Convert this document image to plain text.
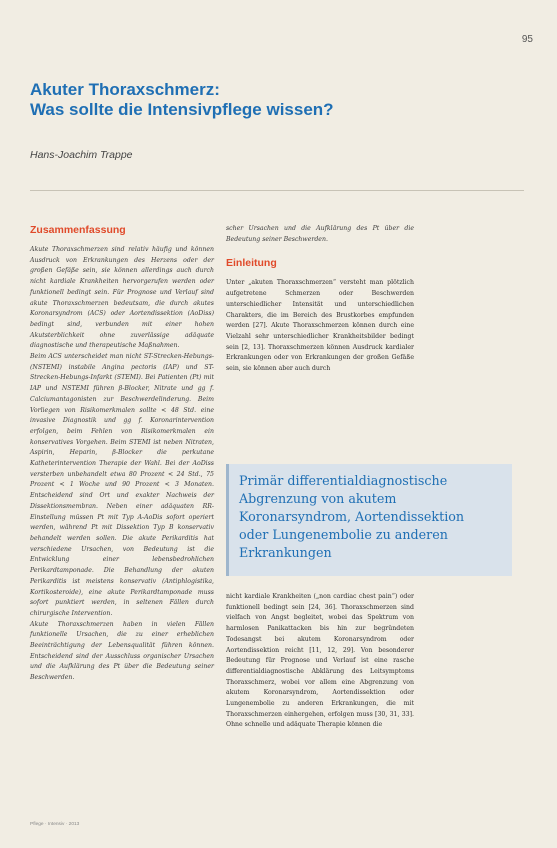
95
Akuter Thoraxschmerz:
Was sollte die Intensivpflege wissen?
Hans-Joachim Trappe
Zusammenfassung

Akute Thoraxschmerzen sind relativ häufig und können Ausdruck von Erkrankungen des Herzens oder der großen Gefäße sein, sie können allerdings auch durch nicht kardiale Krankheiten hervorgerufen werden oder funktionell bedingt sein. Für Prognose und Verlauf sind akute Thoraxschmerzen bedeutsam, die durch akutes Koronarsyndrom (ACS) oder Aortendissektion (AoDiss) bedingt sind, verbunden mit einer hohen Akutsterblichkeit ohne zuverlässige adäquate diagnostische und therapeutische Maßnahmen.

Beim ACS unterscheidet man nicht ST-Strecken-Hebungs-(NSTEMI) instabile Angina pectoris (IAP) und ST-Strecken-Hebungs-Infarkt (STEMI). Bei Patienten (Pt) mit IAP und NSTEMI führen β-Blocker, Nitrate und gg f. Calciumantagonisten zur Beschwerdelinderung. Beim Vorliegen von Risikomerkmalen sollte < 48 Std. eine invasive Diagnostik und gg f. Koronarintervention erfolgen, beim Fehlen von Risikomerkmalen ein konservatives Vorgehen. Beim STEMI ist neben Nitraten, Aspirin, Heparin, β-Blocker die perkutane Katheterintervention Therapie der Wahl. Bei der AoDiss versterben unbehandelt etwa 80 Prozent < 24 Std., 75 Prozent < 1 Woche und 90 Prozent < 3 Monaten. Entscheidend sind Ort und exakter Nachweis der Dissektionsmembran. Neben einer adäquaten RR-Einstellung müssen Pt mit Typ A-AoDis sofort operiert werden, während Pt mit Dissektion Typ B konservativ behandelt werden sollen. Die akute Perikarditis hat verschiedene Ursachen, von Bedeutung ist die Entwicklung einer lebensbedrohlichen Perikardtamponade. Die Behandlung der akuten Perikarditis ist meistens konservativ (Antiphlogistika, Kortikosteroide), eine akute Perikardtamponade muss sofort punktiert werden, in seltenen Fällen durch chirurgische Intervention.

Akute Thoraxschmerzen haben in vielen Fällen funktionelle Ursachen, die zu einer erheblichen Beeinträchtigung der Lebensqualität führen können. Entscheidend sind der Ausschluss organischer Ursachen und die Aufklärung des Pt über die Bedeutung seiner Beschwerden.

scher Ursachen und die Aufklärung des Pt über die Bedeutung seiner Beschwerden.

Einleitung

Unter „akuten Thoraxschmerzen“ versteht man plötzlich aufgetretene Schmerzen oder Beschwerden unterschiedlicher Intensität und unterschiedlichen Charakters, die im Bereich des Brustkorbes empfunden werden [27]. Akute Thoraxschmerzen können durch eine Vielzahl sehr unterschiedlicher Krankheitsbilder bedingt sein [2, 13]. Thoraxschmerzen können Ausdruck kardialer Erkrankungen oder von Erkrankungen der großen Gefäße sein, sie können aber auch durch

Primär differentialdiagnostische
Abgrenzung von akutem
Koronarsyndrom, Aortendissektion
oder Lungenembolie zu anderen
Erkrankungen

nicht kardiale Krankheiten („non cardiac chest pain“) oder funktionell bedingt sein [24, 36]. Thoraxschmerzen sind vielfach von Angst begleitet, wobei das Spektrum von harmlosen Panikattacken bis hin zur begründeten Todesangst bei akutem Koronarsyndrom oder Aortendissektion reicht [11, 12, 29]. Von besonderer Bedeutung für Prognose und Verlauf ist eine rasche differentialdiagnostische Abklärung des Leitsymptoms Thoraxschmerz, wobei vor allem eine Abgrenzung von akutem Koronarsyndrom, Aortendissektion oder Lungenembolie zu anderen Erkrankungen, die mit Thoraxschmerzen einhergehen, erfolgen muss [30, 31, 33]. Ohne schnelle und adäquate Therapie können die

Pflege · Intensiv · 2013
